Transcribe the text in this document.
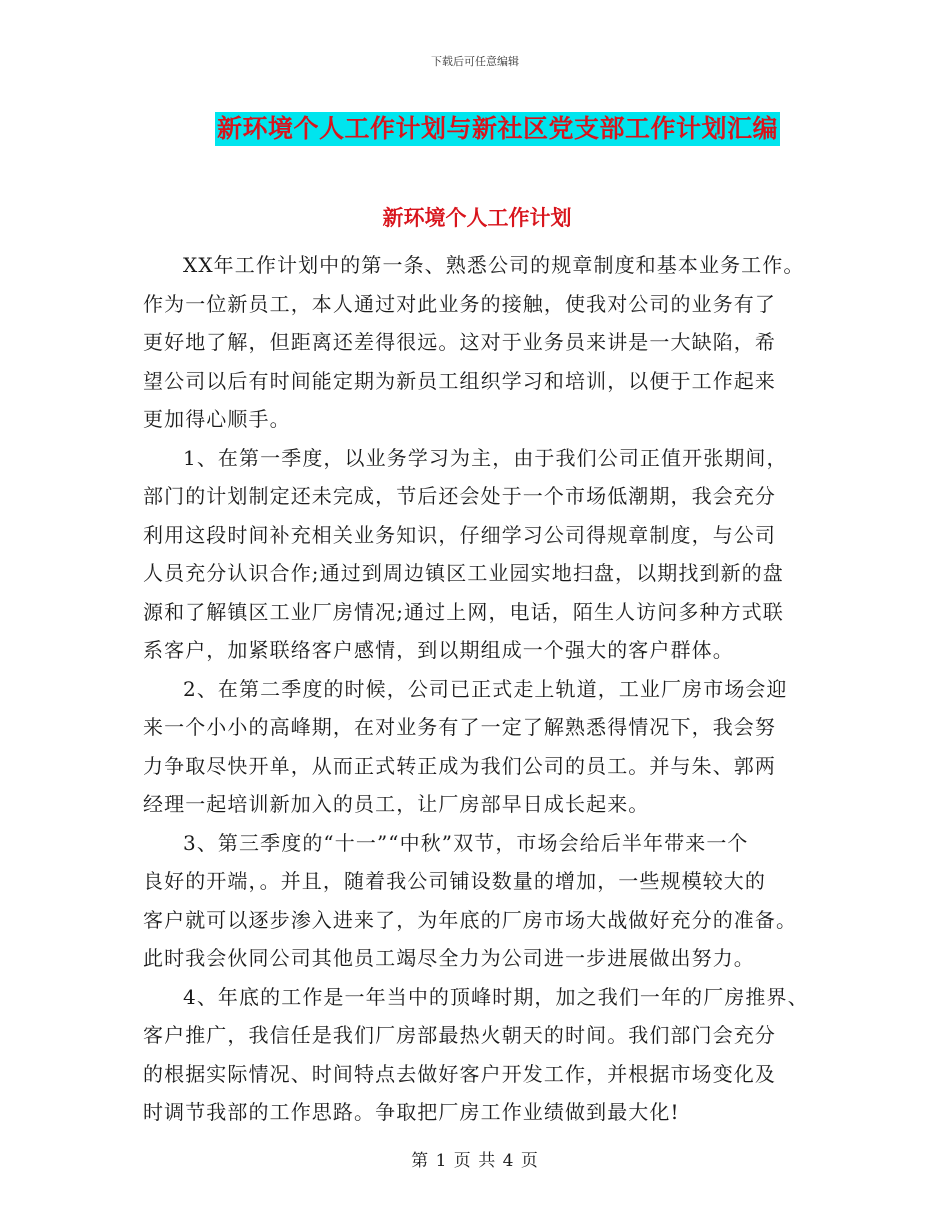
下载后可任意编辑
新环境个人工作计划与新社区党支部工作计划汇编
新环境个人工作计划

XX年工作计划中的第一条、熟悉公司的规章制度和基本业务工作。
作为一位新员工，本人通过对此业务的接触，使我对公司的业务有了
更好地了解，但距离还差得很远。这对于业务员来讲是一大缺陷，希
望公司以后有时间能定期为新员工组织学习和培训，以便于工作起来
更加得心顺手。

1、在第一季度，以业务学习为主，由于我们公司正值开张期间，
部门的计划制定还未完成，节后还会处于一个市场低潮期，我会充分
利用这段时间补充相关业务知识，仔细学习公司得规章制度，与公司
人员充分认识合作;通过到周边镇区工业园实地扫盘，以期找到新的盘
源和了解镇区工业厂房情况;通过上网，电话，陌生人访问多种方式联
系客户，加紧联络客户感情，到以期组成一个强大的客户群体。

2、在第二季度的时候，公司已正式走上轨道，工业厂房市场会迎
来一个小小的高峰期，在对业务有了一定了解熟悉得情况下，我会努
力争取尽快开单，从而正式转正成为我们公司的员工。并与朱、郭两
经理一起培训新加入的员工，让厂房部早日成长起来。

3、第三季度的“十一”“中秋”双节，市场会给后半年带来一个
良好的开端，。并且，随着我公司铺设数量的增加，一些规模较大的
客户就可以逐步渗入进来了，为年底的厂房市场大战做好充分的准备。
此时我会伙同公司其他员工竭尽全力为公司进一步进展做出努力。

4、年底的工作是一年当中的顶峰时期，加之我们一年的厂房推界、
客户推广，我信任是我们厂房部最热火朝天的时间。我们部门会充分
的根据实际情况、时间特点去做好客户开发工作，并根据市场变化及
时调节我部的工作思路。争取把厂房工作业绩做到最大化!

第 1 页 共 4 页
